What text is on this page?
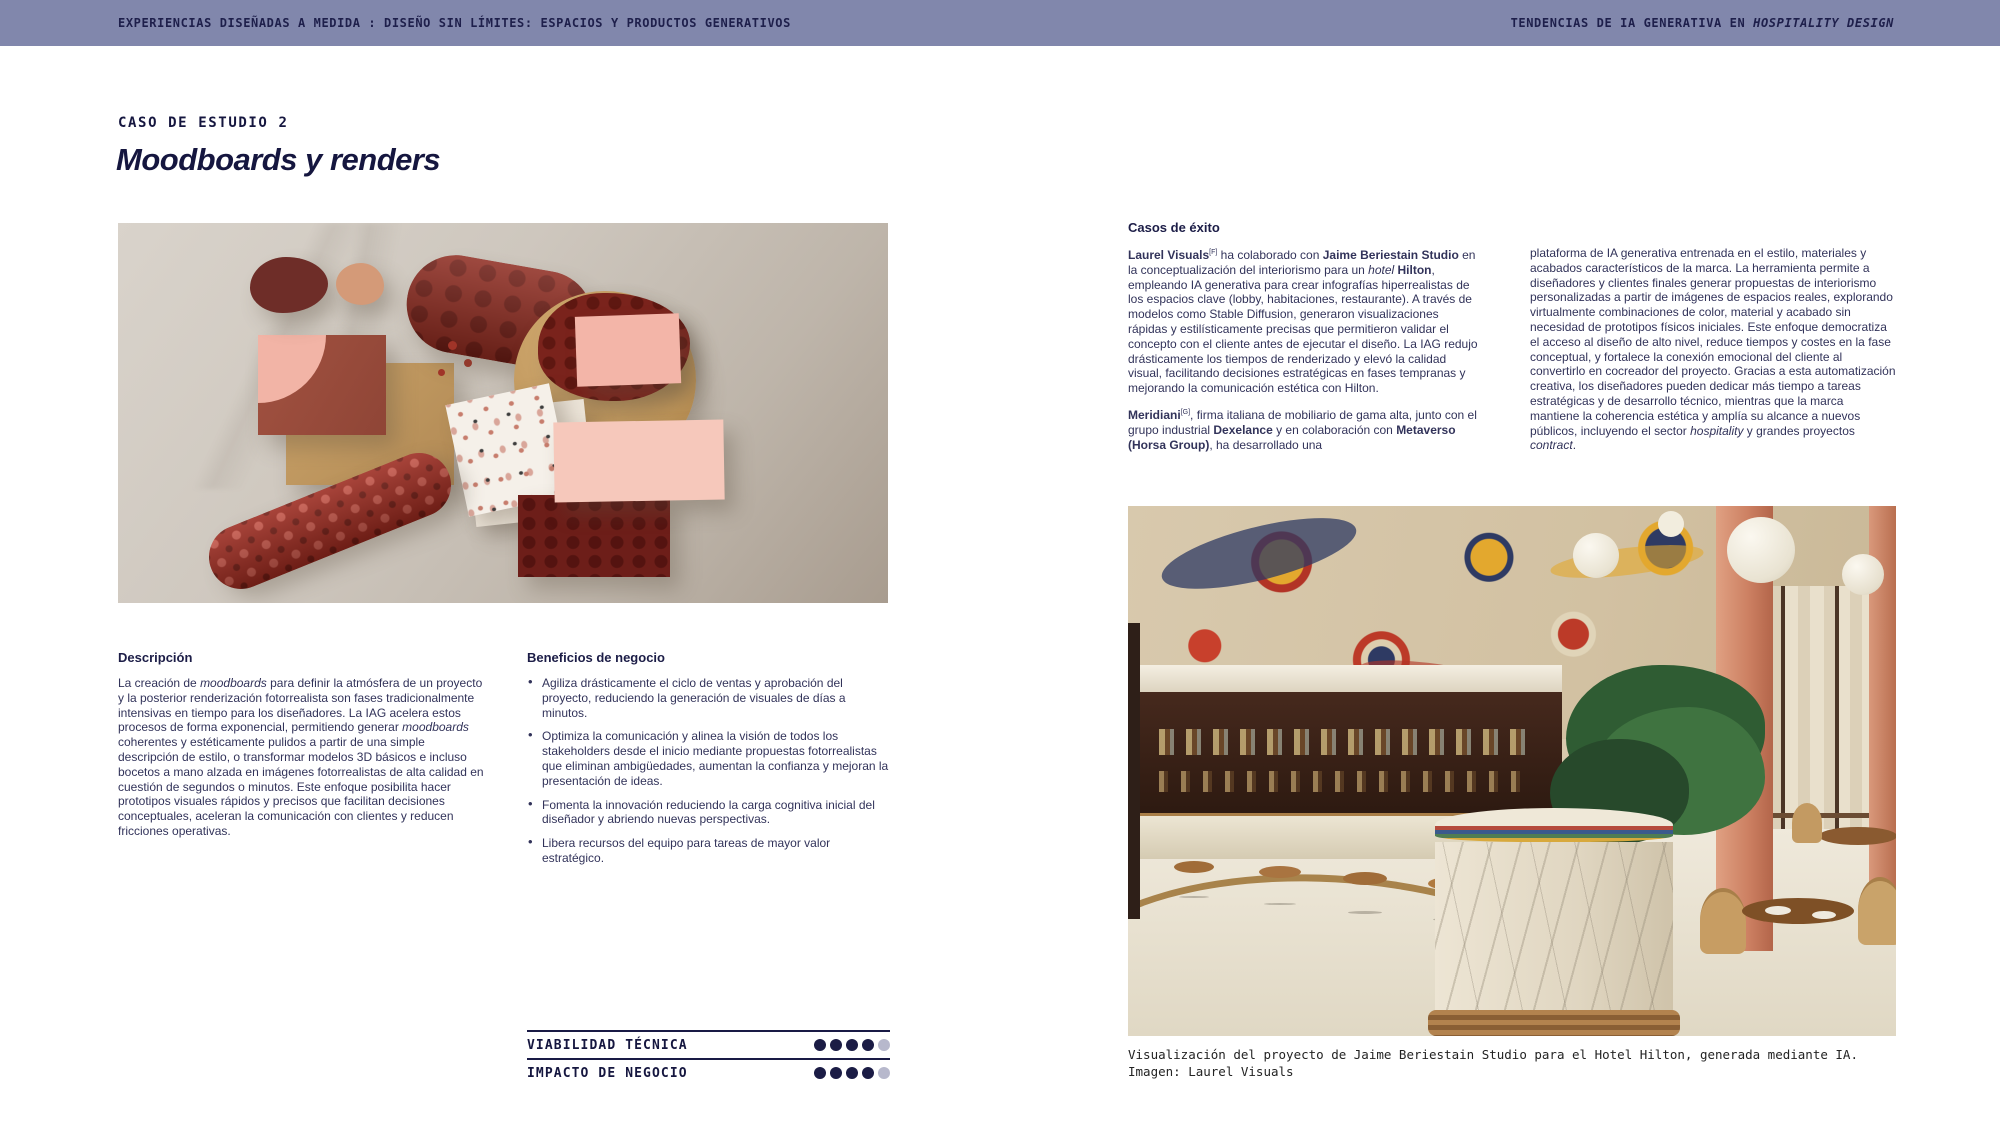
EXPERIENCIAS DISEÑADAS A MEDIDA : DISEÑO SIN LÍMITES: ESPACIOS Y PRODUCTOS GENERATIVOS	TENDENCIAS DE IA GENERATIVA EN HOSPITALITY DESIGN
CASO DE ESTUDIO 2
Moodboards y renders
Descripción

La creación de moodboards para definir la atmósfera de un proyecto y la posterior renderización fotorrealista son fases tradicionalmente intensivas en tiempo para los diseñadores. La IAG acelera estos procesos de forma exponencial, permitiendo generar moodboards coherentes y estéticamente pulidos a partir de una simple descripción de estilo, o transformar modelos 3D básicos e incluso bocetos a mano alzada en imágenes fotorrealistas de alta calidad en cuestión de segundos o minutos. Este enfoque posibilita hacer prototipos visuales rápidos y precisos que facilitan decisiones conceptuales, aceleran la comunicación con clientes y reducen fricciones operativas.

Beneficios de negocio
• Agiliza drásticamente el ciclo de ventas y aprobación del proyecto, reduciendo la generación de visuales de días a minutos.
• Optimiza la comunicación y alinea la visión de todos los stakeholders desde el inicio mediante propuestas fotorrealistas que eliminan ambigüedades, aumentan la confianza y mejoran la presentación de ideas.
• Fomenta la innovación reduciendo la carga cognitiva inicial del diseñador y abriendo nuevas perspectivas.
• Libera recursos del equipo para tareas de mayor valor estratégico.
VIABILIDAD TÉCNICA
IMPACTO DE NEGOCIO
Casos de éxito

Laurel Visuals[F] ha colaborado con Jaime Beriestain Studio en la conceptualización del interiorismo para un hotel Hilton, empleando IA generativa para crear infografías hiperrealistas de los espacios clave (lobby, habitaciones, restaurante). A través de modelos como Stable Diffusion, generaron visualizaciones rápidas y estilísticamente precisas que permitieron validar el concepto con el cliente antes de ejecutar el diseño. La IAG redujo drásticamente los tiempos de renderizado y elevó la calidad visual, facilitando decisiones estratégicas en fases tempranas y mejorando la comunicación estética con Hilton.

Meridiani[G], firma italiana de mobiliario de gama alta, junto con el grupo industrial Dexelance y en colaboración con Metaverso (Horsa Group), ha desarrollado una

plataforma de IA generativa entrenada en el estilo, materiales y acabados característicos de la marca. La herramienta permite a diseñadores y clientes finales generar propuestas de interiorismo personalizadas a partir de imágenes de espacios reales, explorando virtualmente combinaciones de color, material y acabado sin necesidad de prototipos físicos iniciales. Este enfoque democratiza el acceso al diseño de alto nivel, reduce tiempos y costes en la fase conceptual, y fortalece la conexión emocional del cliente al convertirlo en cocreador del proyecto. Gracias a esta automatización creativa, los diseñadores pueden dedicar más tiempo a tareas estratégicas y de desarrollo técnico, mientras que la marca mantiene la coherencia estética y amplía su alcance a nuevos públicos, incluyendo el sector hospitality y grandes proyectos contract.

Visualización del proyecto de Jaime Beriestain Studio para el Hotel Hilton, generada mediante IA.
Imagen: Laurel Visuals
